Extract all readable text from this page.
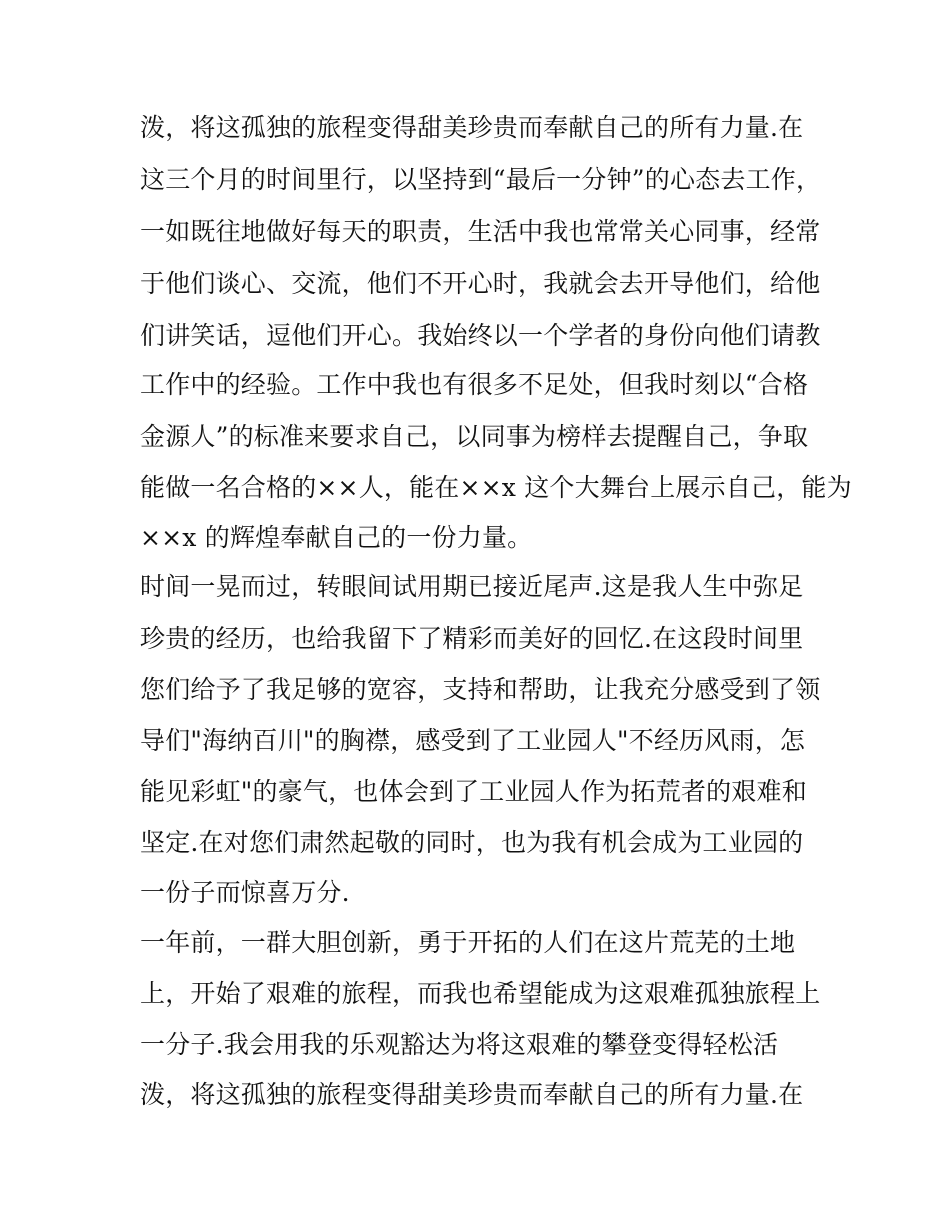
泼，将这孤独的旅程变得甜美珍贵而奉献自己的所有力量.在
这三个月的时间里行，以坚持到“最后一分钟”的心态去工作，
一如既往地做好每天的职责，生活中我也常常关心同事，经常
于他们谈心、交流，他们不开心时，我就会去开导他们，给他
们讲笑话，逗他们开心。我始终以一个学者的身份向他们请教
工作中的经验。工作中我也有很多不足处，但我时刻以“合格
金源人”的标准来要求自己，以同事为榜样去提醒自己，争取
能做一名合格的××人，能在××x 这个大舞台上展示自己，能为
××x 的辉煌奉献自己的一份力量。
时间一晃而过，转眼间试用期已接近尾声.这是我人生中弥足
珍贵的经历，也给我留下了精彩而美好的回忆.在这段时间里
您们给予了我足够的宽容，支持和帮助，让我充分感受到了领
导们"海纳百川"的胸襟，感受到了工业园人"不经历风雨，怎
能见彩虹"的豪气，也体会到了工业园人作为拓荒者的艰难和
坚定.在对您们肃然起敬的同时，也为我有机会成为工业园的
一份子而惊喜万分.
一年前，一群大胆创新，勇于开拓的人们在这片荒芜的土地
上，开始了艰难的旅程，而我也希望能成为这艰难孤独旅程上
一分子.我会用我的乐观豁达为将这艰难的攀登变得轻松活
泼，将这孤独的旅程变得甜美珍贵而奉献自己的所有力量.在
